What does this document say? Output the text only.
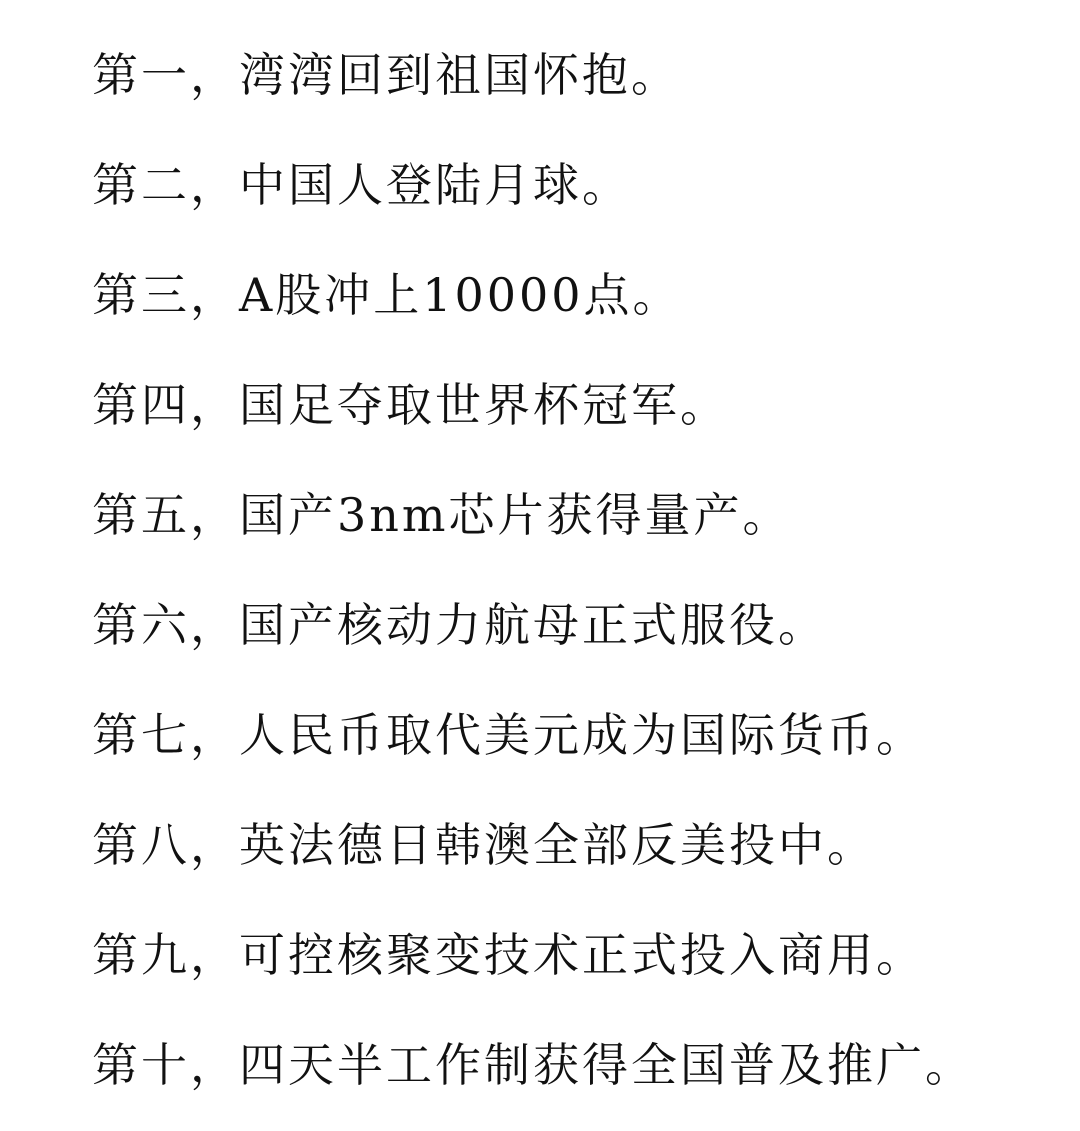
第一，湾湾回到祖国怀抱。
第二，中国人登陆月球。
第三，A股冲上10000点。
第四，国足夺取世界杯冠军。
第五，国产3nm芯片获得量产。
第六，国产核动力航母正式服役。
第七，人民币取代美元成为国际货币。
第八，英法德日韩澳全部反美投中。
第九，可控核聚变技术正式投入商用。
第十，四天半工作制获得全国普及推广。
